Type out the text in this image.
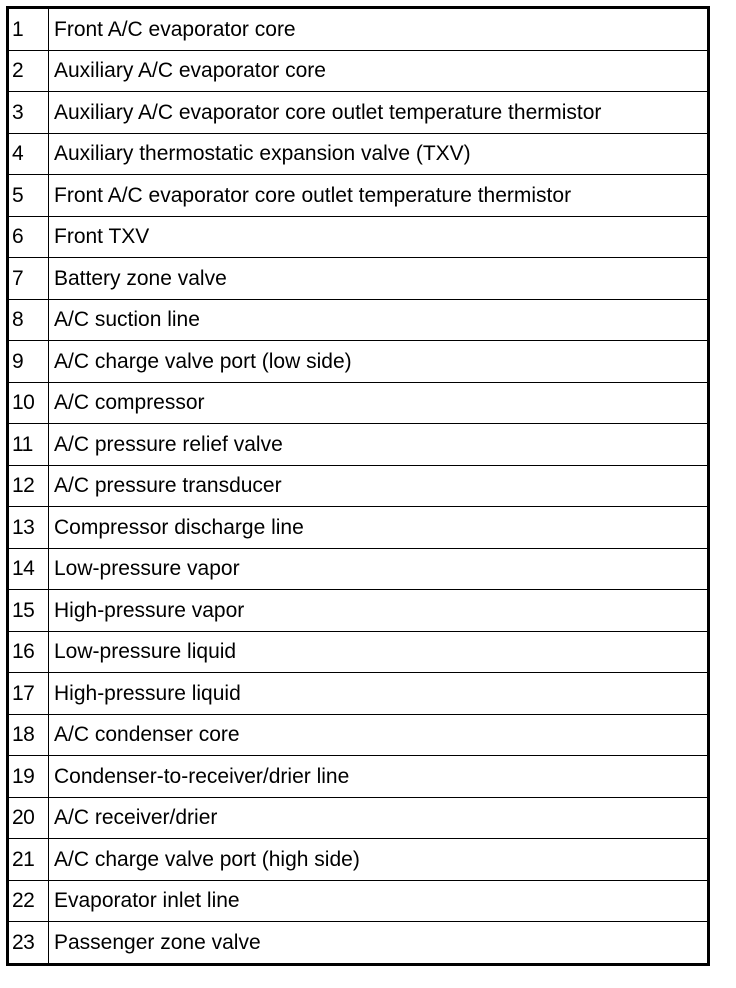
1	Front A/C evaporator core
2	Auxiliary A/C evaporator core
3	Auxiliary A/C evaporator core outlet temperature thermistor
4	Auxiliary thermostatic expansion valve (TXV)
5	Front A/C evaporator core outlet temperature thermistor
6	Front TXV
7	Battery zone valve
8	A/C suction line
9	A/C charge valve port (low side)
10	A/C compressor
11	A/C pressure relief valve
12	A/C pressure transducer
13	Compressor discharge line
14	Low-pressure vapor
15	High-pressure vapor
16	Low-pressure liquid
17	High-pressure liquid
18	A/C condenser core
19	Condenser-to-receiver/drier line
20	A/C receiver/drier
21	A/C charge valve port (high side)
22	Evaporator inlet line
23	Passenger zone valve
